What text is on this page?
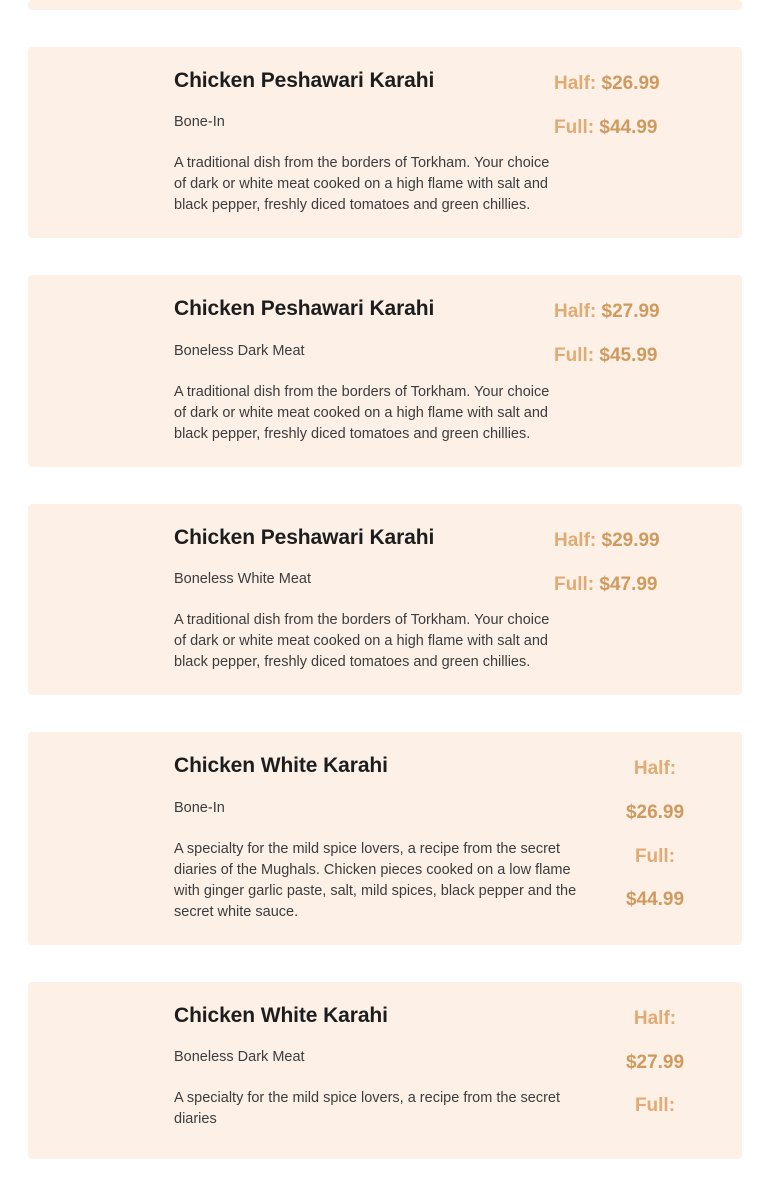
Chicken Peshawari Karahi
Bone-In
A traditional dish from the borders of Torkham. Your choice of dark or white meat cooked on a high flame with salt and black pepper, freshly diced tomatoes and green chillies.
Half: $26.99
Full: $44.99
Chicken Peshawari Karahi
Boneless Dark Meat
A traditional dish from the borders of Torkham. Your choice of dark or white meat cooked on a high flame with salt and black pepper, freshly diced tomatoes and green chillies.
Half: $27.99
Full: $45.99
Chicken Peshawari Karahi
Boneless White Meat
A traditional dish from the borders of Torkham. Your choice of dark or white meat cooked on a high flame with salt and black pepper, freshly diced tomatoes and green chillies.
Half: $29.99
Full: $47.99
Chicken White Karahi
Bone-In
A specialty for the mild spice lovers, a recipe from the secret diaries of the Mughals. Chicken pieces cooked on a low flame with ginger garlic paste, salt, mild spices, black pepper and the secret white sauce.
Half:
$26.99
Full:
$44.99
Chicken White Karahi
Boneless Dark Meat
A specialty for the mild spice lovers, a recipe from the secret diaries
Half:
$27.99
Full:
